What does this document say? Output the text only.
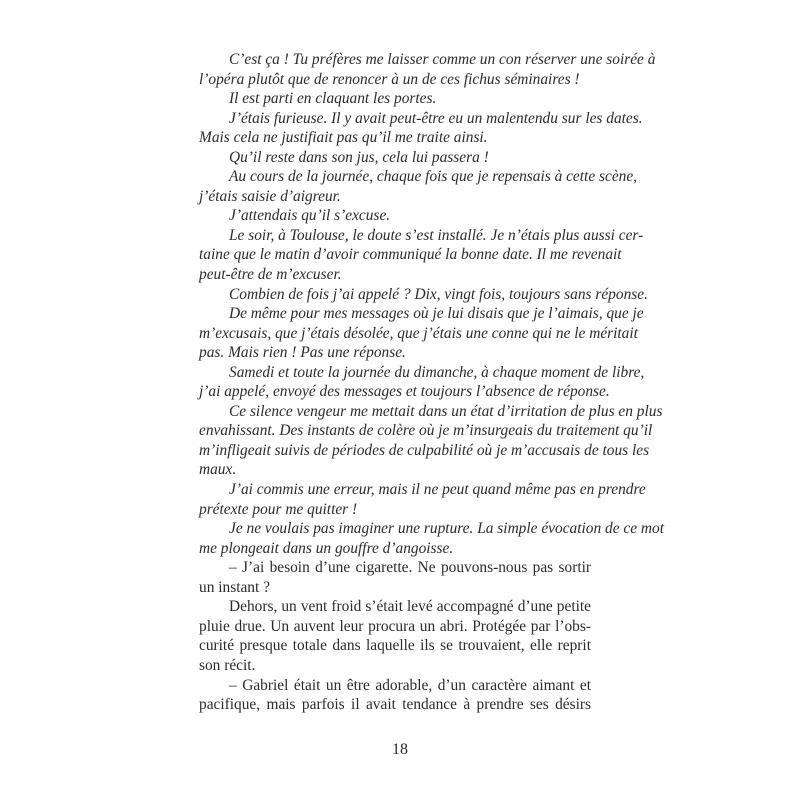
C’est ça ! Tu préfères me laisser comme un con réserver une soirée à
l’opéra plutôt que de renoncer à un de ces fichus séminaires !
Il est parti en claquant les portes.
J’étais furieuse. Il y avait peut-être eu un malentendu sur les dates.
Mais cela ne justifiait pas qu’il me traite ainsi.
Qu’il reste dans son jus, cela lui passera !
Au cours de la journée, chaque fois que je repensais à cette scène,
j’étais saisie d’aigreur.
J’attendais qu’il s’excuse.
Le soir, à Toulouse, le doute s’est installé. Je n’étais plus aussi cer-
taine que le matin d’avoir communiqué la bonne date. Il me revenait
peut-être de m’excuser.
Combien de fois j’ai appelé ? Dix, vingt fois, toujours sans réponse.
De même pour mes messages où je lui disais que je l’aimais, que je
m’excusais, que j’étais désolée, que j’étais une conne qui ne le méritait
pas. Mais rien ! Pas une réponse.
Samedi et toute la journée du dimanche, à chaque moment de libre,
j’ai appelé, envoyé des messages et toujours l’absence de réponse.
Ce silence vengeur me mettait dans un état d’irritation de plus en plus
envahissant. Des instants de colère où je m’insurgeais du traitement qu’il
m’infligeait suivis de périodes de culpabilité où je m’accusais de tous les
maux.
J’ai commis une erreur, mais il ne peut quand même pas en prendre
prétexte pour me quitter !
Je ne voulais pas imaginer une rupture. La simple évocation de ce mot
me plongeait dans un gouffre d’angoisse.
– J’ai besoin d’une cigarette. Ne pouvons-nous pas sortir
un instant ?
Dehors, un vent froid s’était levé accompagné d’une petite
pluie drue. Un auvent leur procura un abri. Protégée par l’obs-
curité presque totale dans laquelle ils se trouvaient, elle reprit
son récit.
– Gabriel était un être adorable, d’un caractère aimant et
pacifique, mais parfois il avait tendance à prendre ses désirs
18
